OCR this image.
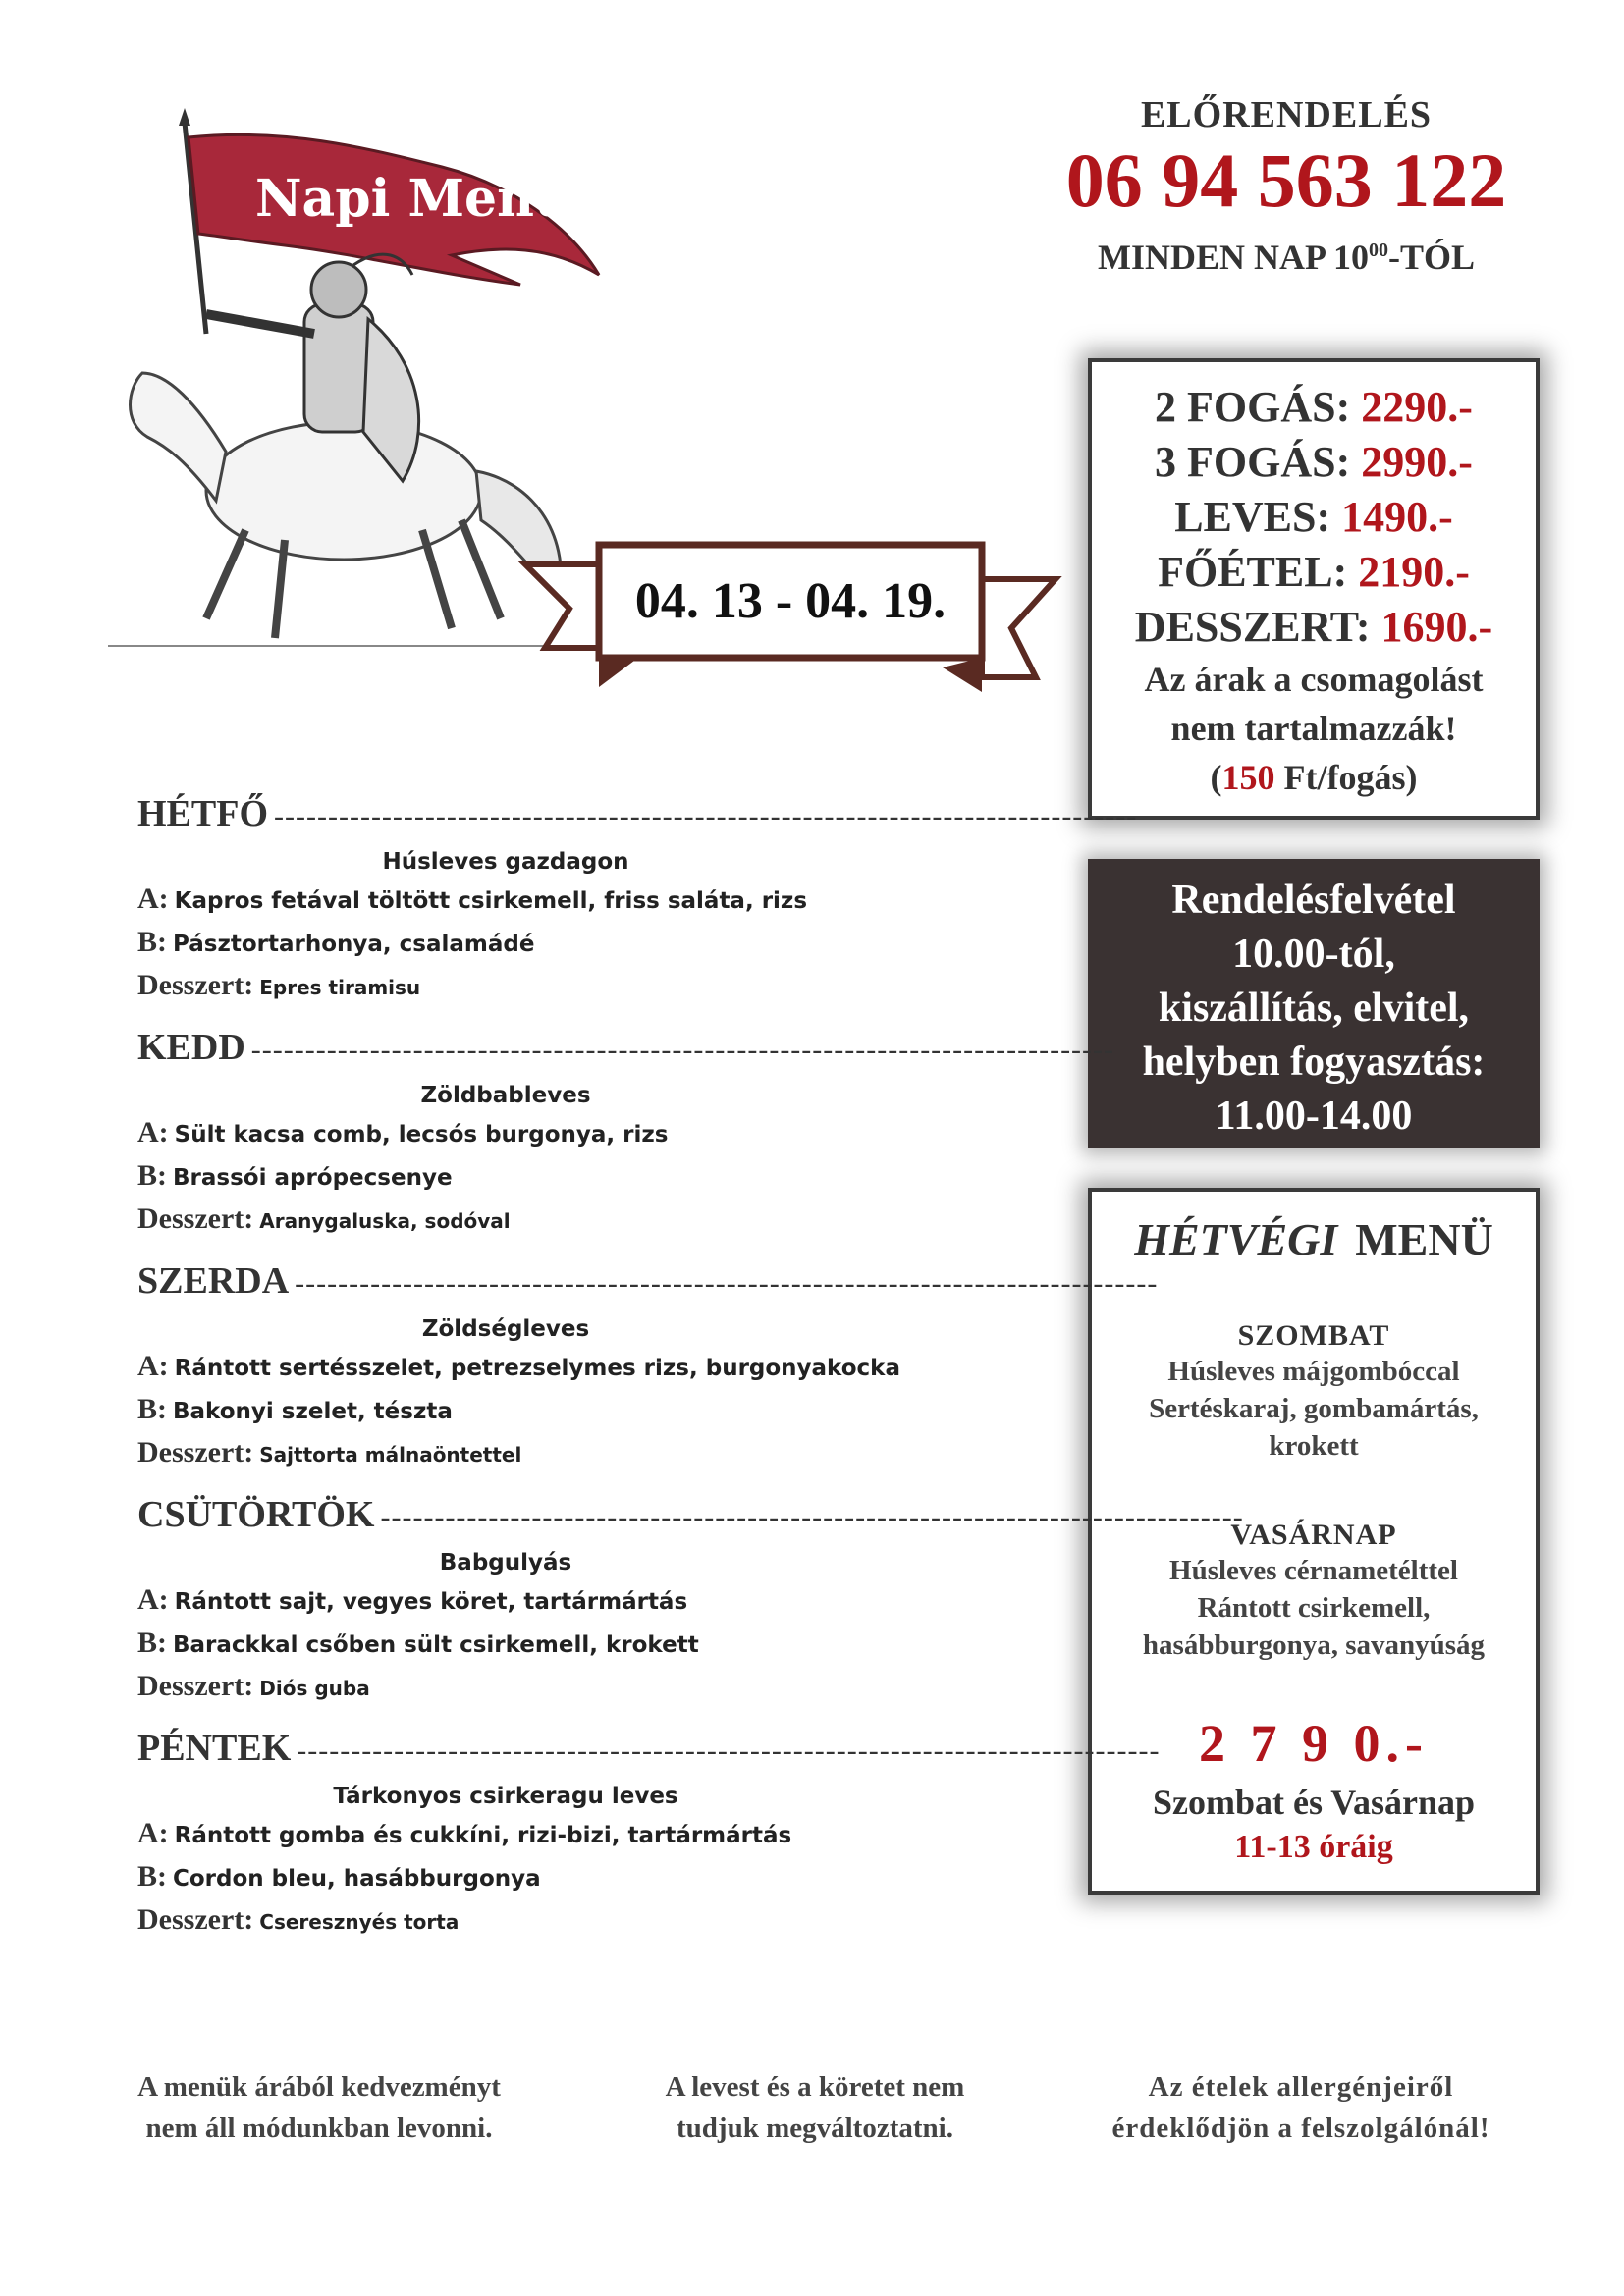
Napi Menü
04. 13 - 04. 19.
ELŐRENDELÉS
06 94 563 122
MINDEN NAP $10^{00}$-TÓL
2 FOGÁS: 2290.-
3 FOGÁS: 2990.-
LEVES: 1490.-
FŐÉTEL: 2190.-
DESSZERT: 1690.-
Az árak a csomagolást
nem tartalmazzák!
(150 Ft/fogás)
Rendelésfelvétel
10.00-tól,
kiszállítás, elvitel,
helyben fogyasztás:
11.00-14.00
HÉTVÉGI MENÜ
SZOMBAT
Húsleves májgombóccal
Sertéskaraj, gombamártás,
krokett
VASÁRNAP
Húsleves cérnametélttel
Rántott csirkemell,
hasábburgonya, savanyúság
2 7 9 0.-
Szombat és Vasárnap
11-13 óráig
HÉTFŐ --------------------------------------------------------------------------------
Húsleves gazdagon
A: Kapros fetával töltött csirkemell, friss saláta, rizs
B: Pásztortarhonya, csalamádé
Desszert: Epres tiramisu
KEDD --------------------------------------------------------------------------------
Zöldbableves
A: Sült kacsa comb, lecsós burgonya, rizs
B: Brassói aprópecsenye
Desszert: Aranygaluska, sodóval
SZERDA --------------------------------------------------------------------------------
Zöldségleves
A: Rántott sertésszelet, petrezselymes rizs, burgonyakocka
B: Bakonyi szelet, tészta
Desszert: Sajttorta málnaöntettel
CSÜTÖRTÖK --------------------------------------------------------------------------------
Babgulyás
A: Rántott sajt, vegyes köret, tartármártás
B: Barackkal csőben sült csirkemell, krokett
Desszert: Diós guba
PÉNTEK --------------------------------------------------------------------------------
Tárkonyos csirkeragu leves
A: Rántott gomba és cukkíni, rizi-bizi, tartármártás
B: Cordon bleu, hasábburgonya
Desszert: Cseresznyés torta
A menük árából kedvezményt
nem áll módunkban levonni.
A levest és a köretet nem
tudjuk megváltoztatni.
Az ételek allergénjeiről
érdeklődjön a felszolgálónál!
